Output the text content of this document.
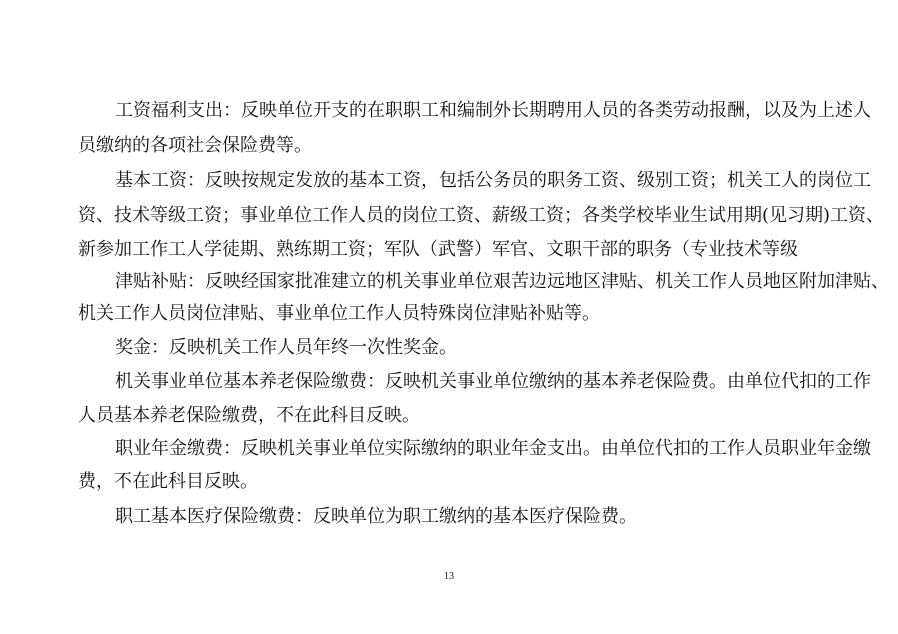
工资福利支出：反映单位开支的在职职工和编制外长期聘用人员的各类劳动报酬，以及为上述人
员缴纳的各项社会保险费等。
基本工资：反映按规定发放的基本工资，包括公务员的职务工资、级别工资；机关工人的岗位工
资、技术等级工资；事业单位工作人员的岗位工资、薪级工资；各类学校毕业生试用期(见习期)工资、
新参加工作工人学徒期、熟练期工资；军队（武警）军官、文职干部的职务（专业技术等级
津贴补贴：反映经国家批准建立的机关事业单位艰苦边远地区津贴、机关工作人员地区附加津贴、
机关工作人员岗位津贴、事业单位工作人员特殊岗位津贴补贴等。
奖金：反映机关工作人员年终一次性奖金。
机关事业单位基本养老保险缴费：反映机关事业单位缴纳的基本养老保险费。由单位代扣的工作
人员基本养老保险缴费，不在此科目反映。
职业年金缴费：反映机关事业单位实际缴纳的职业年金支出。由单位代扣的工作人员职业年金缴
费，不在此科目反映。
职工基本医疗保险缴费：反映单位为职工缴纳的基本医疗保险费。
13
